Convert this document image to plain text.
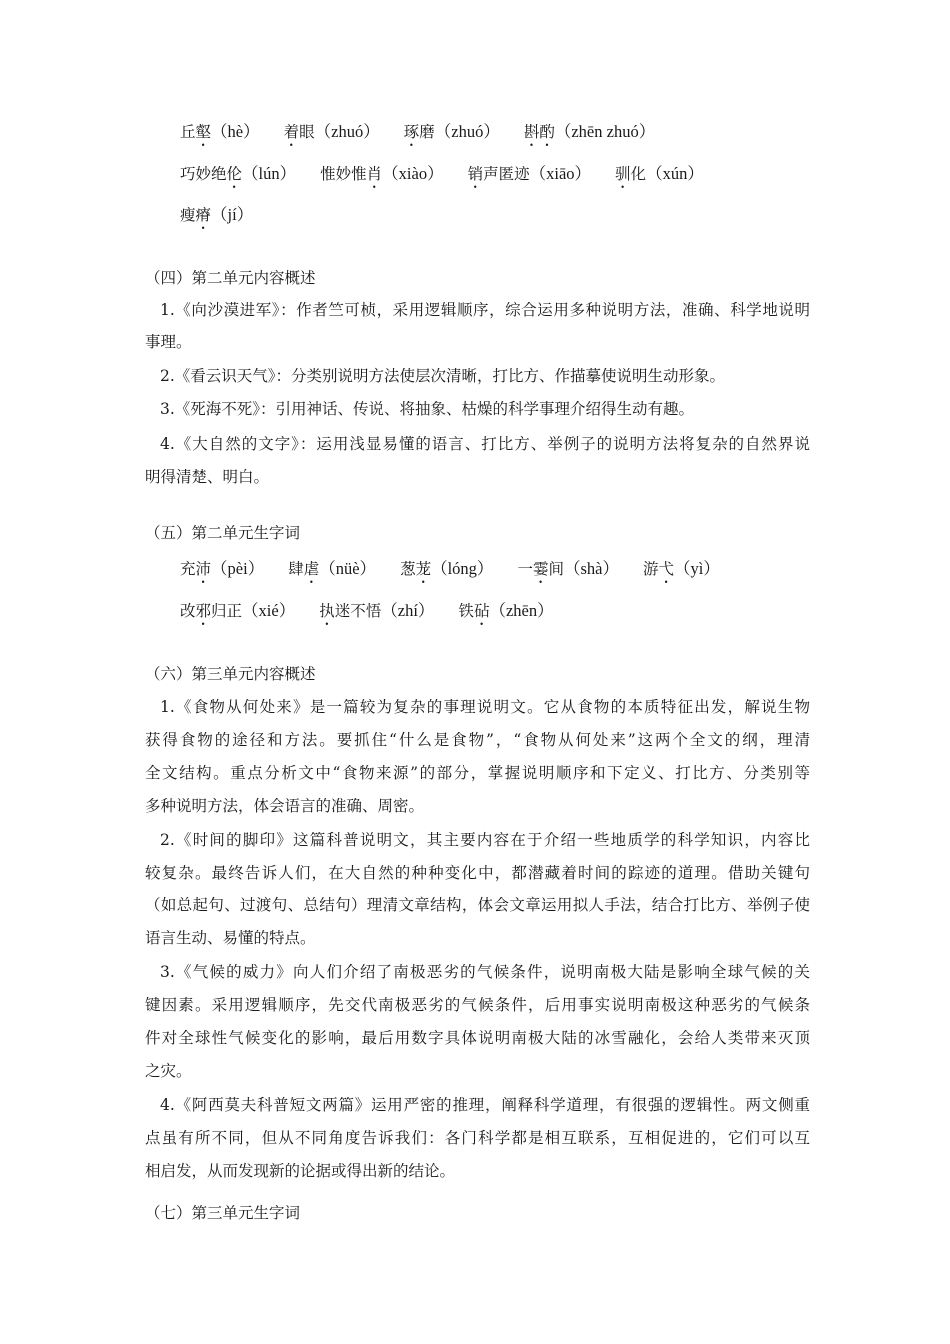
丘壑（hè） 着眼（zhuó） 琢磨（zhuó） 斟酌（zhēn zhuó）
巧妙绝伦（lún） 惟妙惟肖（xiào） 销声匿迹（xiāo） 驯化（xún）
瘦瘠（jí）
（四）第二单元内容概述
1.《向沙漠进军》：作者竺可桢，采用逻辑顺序，综合运用多种说明方法，准确、科学地说明
事理。
2.《看云识天气》：分类别说明方法使层次清晰，打比方、作描摹使说明生动形象。
3.《死海不死》：引用神话、传说、将抽象、枯燥的科学事理介绍得生动有趣。
4.《大自然的文字》：运用浅显易懂的语言、打比方、举例子的说明方法将复杂的自然界说
明得清楚、明白。
（五）第二单元生字词
充沛（pèi） 肆虐（nüè） 葱茏（lóng） 一霎间（shà） 游弋（yì）
改邪归正（xié） 执迷不悟（zhí） 铁砧（zhēn）
（六）第三单元内容概述
1.《食物从何处来》是一篇较为复杂的事理说明文。它从食物的本质特征出发，解说生物
获得食物的途径和方法。要抓住“什么是食物”，“食物从何处来”这两个全文的纲，理清
全文结构。重点分析文中“食物来源”的部分，掌握说明顺序和下定义、打比方、分类别等
多种说明方法，体会语言的准确、周密。
2.《时间的脚印》这篇科普说明文，其主要内容在于介绍一些地质学的科学知识，内容比
较复杂。最终告诉人们，在大自然的种种变化中，都潜藏着时间的踪迹的道理。借助关键句
（如总起句、过渡句、总结句）理清文章结构，体会文章运用拟人手法，结合打比方、举例子使
语言生动、易懂的特点。
3.《气候的威力》向人们介绍了南极恶劣的气候条件，说明南极大陆是影响全球气候的关
键因素。采用逻辑顺序，先交代南极恶劣的气候条件，后用事实说明南极这种恶劣的气候条
件对全球性气候变化的影响，最后用数字具体说明南极大陆的冰雪融化，会给人类带来灭顶
之灾。
4.《阿西莫夫科普短文两篇》运用严密的推理，阐释科学道理，有很强的逻辑性。两文侧重
点虽有所不同，但从不同角度告诉我们：各门科学都是相互联系，互相促进的，它们可以互
相启发，从而发现新的论据或得出新的结论。
（七）第三单元生字词
